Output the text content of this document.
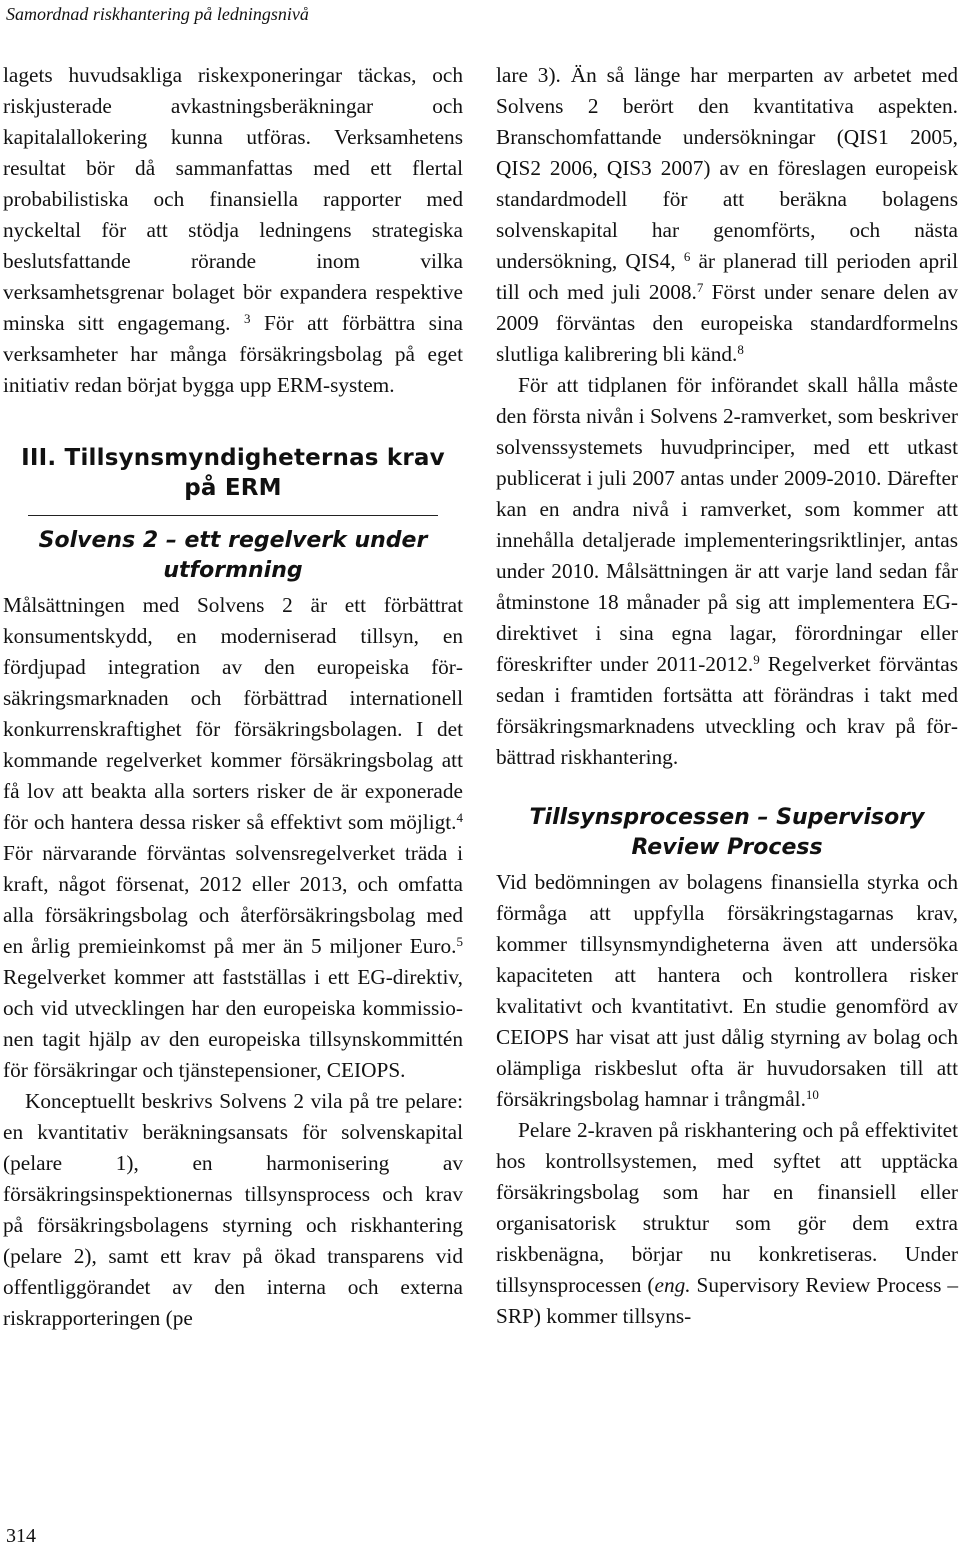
Samordnad riskhantering på ledningsnivå

lagets huvudsakliga riskexponeringar täckas, och riskjusterade avkastningsberäkningar och kapitalallokering kunna utföras. Verksamhetens resultat bör då sammanfattas med ett flertal probabilistiska och finansiella rapporter med nyckeltal för att stödja ledningens strategiska beslutsfattande rörande inom vilka verksamhetsgrenar bolaget bör expandera respektive minska sitt engagemang. $^3$ För att förbättra sina verksamheter har många försäkringsbolag på eget initiativ redan börjat bygga upp ERM-system.

III. Tillsynsmyndigheternas krav på ERM
Solvens 2 – ett regelverk under utformning

Målsättningen med Solvens 2 är ett förbättrat konsumentskydd, en moderniserad tillsyn, en fördjupad integration av den europeiska försäkringsmarknaden och förbättrad internationell konkurrenskraftighet för försäkringsbolagen. I det kommande regelverket kommer försäkringsbolag att få lov att beakta alla sorters risker de är exponerade för och hantera dessa risker så effektivt som möjligt.$^4$ För närvarande förväntas solvensregelverket träda i kraft, något försenat, 2012 eller 2013, och omfatta alla försäkringsbolag och återförsäkringsbolag med en årlig premieinkomst på mer än 5 miljoner Euro.$^5$ Regelverket kommer att fastställas i ett EG-direktiv, och vid utvecklingen har den europeiska kommissionen tagit hjälp av den europeiska tillsynskommittén för försäkringar och tjänstepensioner, CEIOPS.

Konceptuellt beskrivs Solvens 2 vila på tre pelare: en kvantitativ beräkningsansats för solvenskapital (pelare 1), en harmonisering av försäkringsinspektionernas tillsynsprocess och krav på försäkringsbolagens styrning och riskhantering (pelare 2), samt ett krav på ökad transparens vid offentliggörandet av den interna och externa riskrapporteringen (pe

lare 3). Än så länge har merparten av arbetet med Solvens 2 berört den kvantitativa aspekten. Branschomfattande undersökningar (QIS1 2005, QIS2 2006, QIS3 2007) av en föreslagen europeisk standardmodell för att beräkna bolagens solvenskapital har genomförts, och nästa undersökning, QIS4, $^6$ är planerad till perioden april till och med juli 2008.$^7$ Först under senare delen av 2009 förväntas den europeiska standardformelns slutliga kalibrering bli känd.$^8$

För att tidplanen för införandet skall hålla måste den första nivån i Solvens 2-ramverket, som beskriver solvenssystemets huvudprinciper, med ett utkast publicerat i juli 2007 antas under 2009-2010. Därefter kan en andra nivå i ramverket, som kommer att innehålla detaljerade implementeringsriktlinjer, antas under 2010. Målsättningen är att varje land sedan får åtminstone 18 månader på sig att implementera EG-direktivet i sina egna lagar, förordningar eller föreskrifter under 2011-2012.$^9$ Regelverket förväntas sedan i framtiden fortsätta att förändras i takt med försäkringsmarknadens utveckling och krav på förbättrad riskhantering.

Tillsynsprocessen – Supervisory Review Process

Vid bedömningen av bolagens finansiella styrka och förmåga att uppfylla försäkringstagarnas krav, kommer tillsynsmyndigheterna även att undersöka kapaciteten att hantera och kontrollera risker kvalitativt och kvantitativt. En studie genomförd av CEIOPS har visat att just dålig styrning av bolag och olämpliga riskbeslut ofta är huvudorsaken till att försäkringsbolag hamnar i trångmål.$^{10}$

Pelare 2-kraven på riskhantering och på effektivitet hos kontrollsystemen, med syftet att upptäcka försäkringsbolag som har en finansiell eller organisatorisk struktur som gör dem extra riskbenägna, börjar nu konkretiseras. Under tillsynsprocessen (eng. Supervisory Review Process – SRP) kommer tillsyns-

314
